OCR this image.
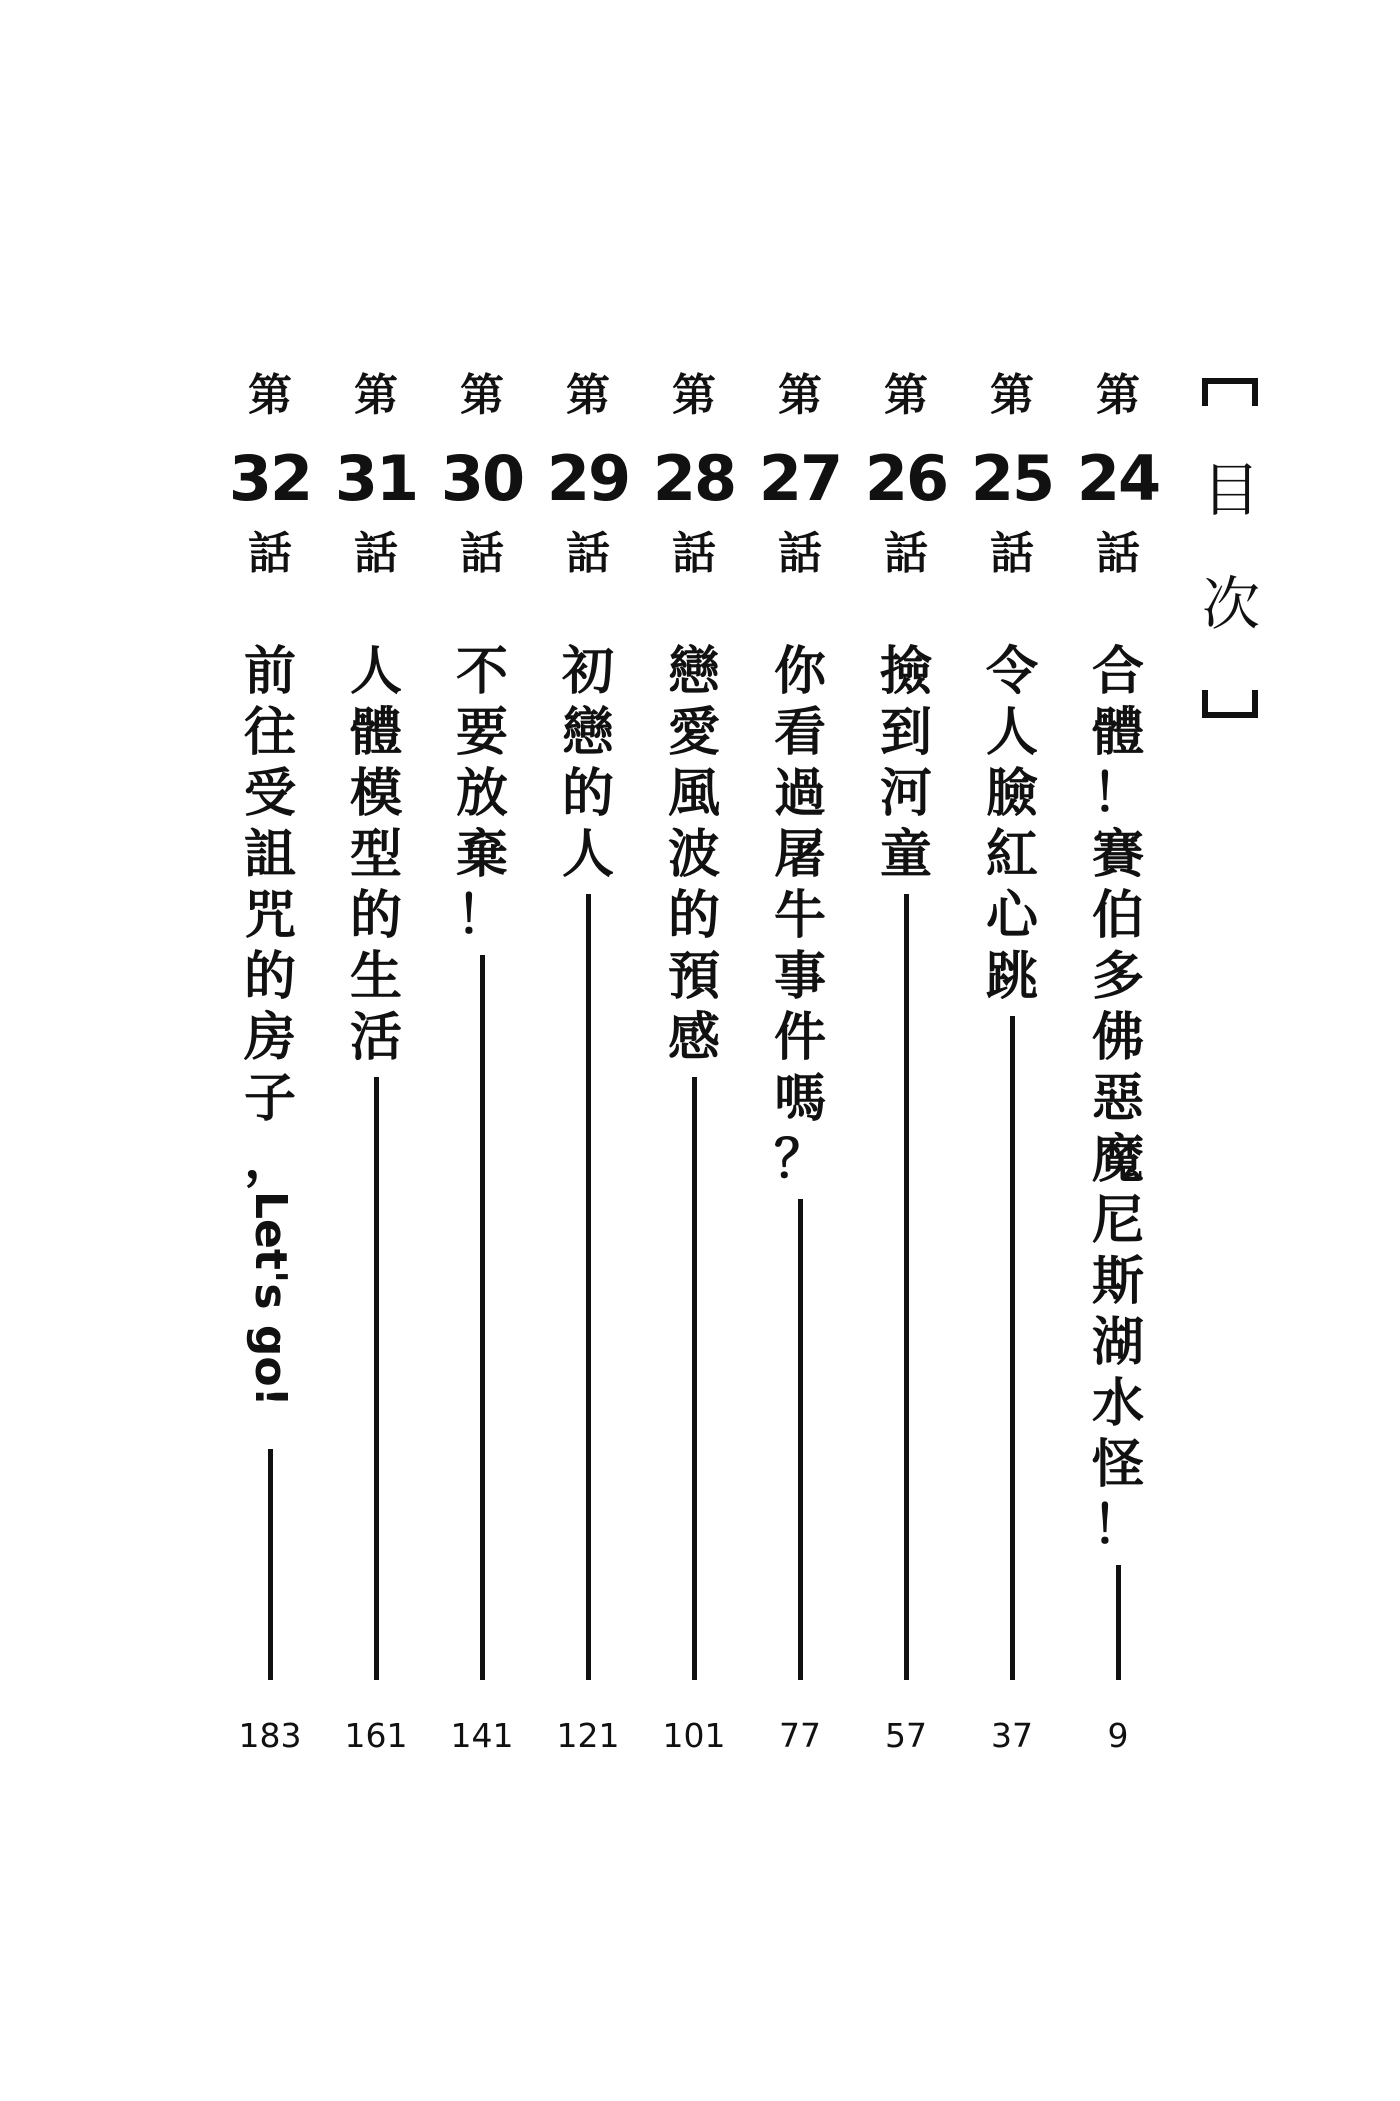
目
次
第
24
話
合
體
！
賽
伯
多
佛
惡
魔
尼
斯
湖
水
怪
！
9
第
25
話
令
人
臉
紅
心
跳
37
第
26
話
撿
到
河
童
57
第
27
話
你
看
過
屠
牛
事
件
嗎
？
77
第
28
話
戀
愛
風
波
的
預
感
101
第
29
話
初
戀
的
人
121
第
30
話
不
要
放
棄
！
141
第
31
話
人
體
模
型
的
生
活
161
第
32
話
前
往
受
詛
咒
的
房
子
，
Let's go!
183
